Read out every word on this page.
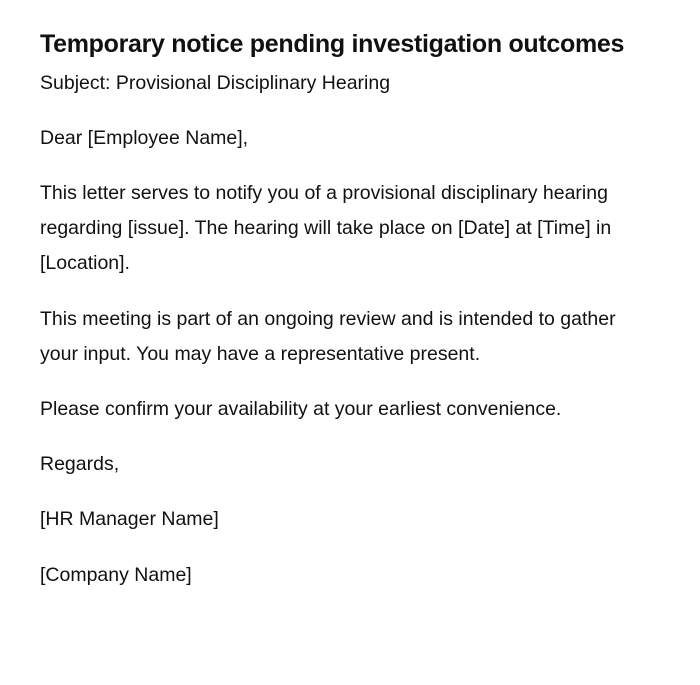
Temporary notice pending investigation outcomes

Subject: Provisional Disciplinary Hearing

Dear [Employee Name],

This letter serves to notify you of a provisional disciplinary hearing regarding [issue]. The hearing will take place on [Date] at [Time] in [Location].

This meeting is part of an ongoing review and is intended to gather your input. You may have a representative present.

Please confirm your availability at your earliest convenience.

Regards,

[HR Manager Name]

[Company Name]
